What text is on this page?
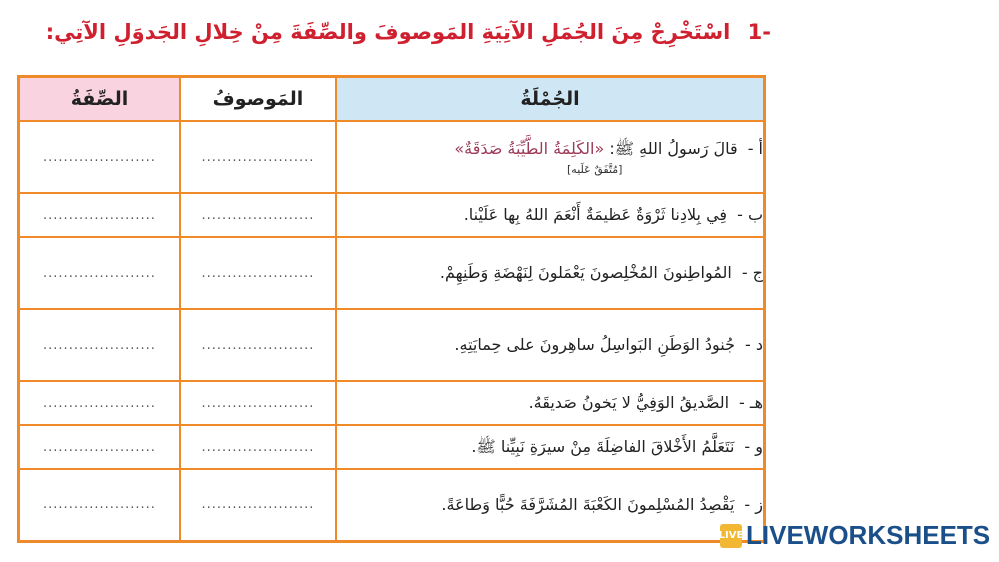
-1 اسْتَخْرِجْ مِنَ الجُمَلِ الآتِيَةِ المَوصوفَ والصِّفَةَ مِنْ خِلالِ الجَدوَلِ الآتِي:
الجُمْلَةُ	المَوصوفُ	الصِّفَةُ
أ -قالَ رَسولُ اللهِ ﷺ: «الكَلِمَةُ الطَّيِّبَةُ صَدَقَةٌ»
[مُتَّفَقٌ عَلَيه]	......................	......................
ب -فِي بِلادِنا ثَرْوَةٌ عَظيمَةٌ أَنْعَمَ اللهُ بِها عَلَيْنا.	......................	......................
ج -المُواطِنونَ المُخْلِصونَ يَعْمَلونَ لِنَهْضَةِ وَطَنِهِمْ.	......................	......................
د -جُنودُ الوَطَنِ البَواسِلُ ساهِرونَ على حِمايَتِهِ.	......................	......................
هـ -الصَّديقُ الوَفِيُّ لا يَخونُ صَديقَهُ.	......................	......................
و -نَتَعَلَّمُ الأَخْلاقَ الفاضِلَةَ مِنْ سيرَةِ نَبِيِّنا ﷺ.	......................	......................
ز -يَقْصِدُ المُسْلِمونَ الكَعْبَةَ المُشَرَّفَةَ حُبًّا وَطاعَةً.	......................	......................
LIVE LIVEWORKSHEETS
